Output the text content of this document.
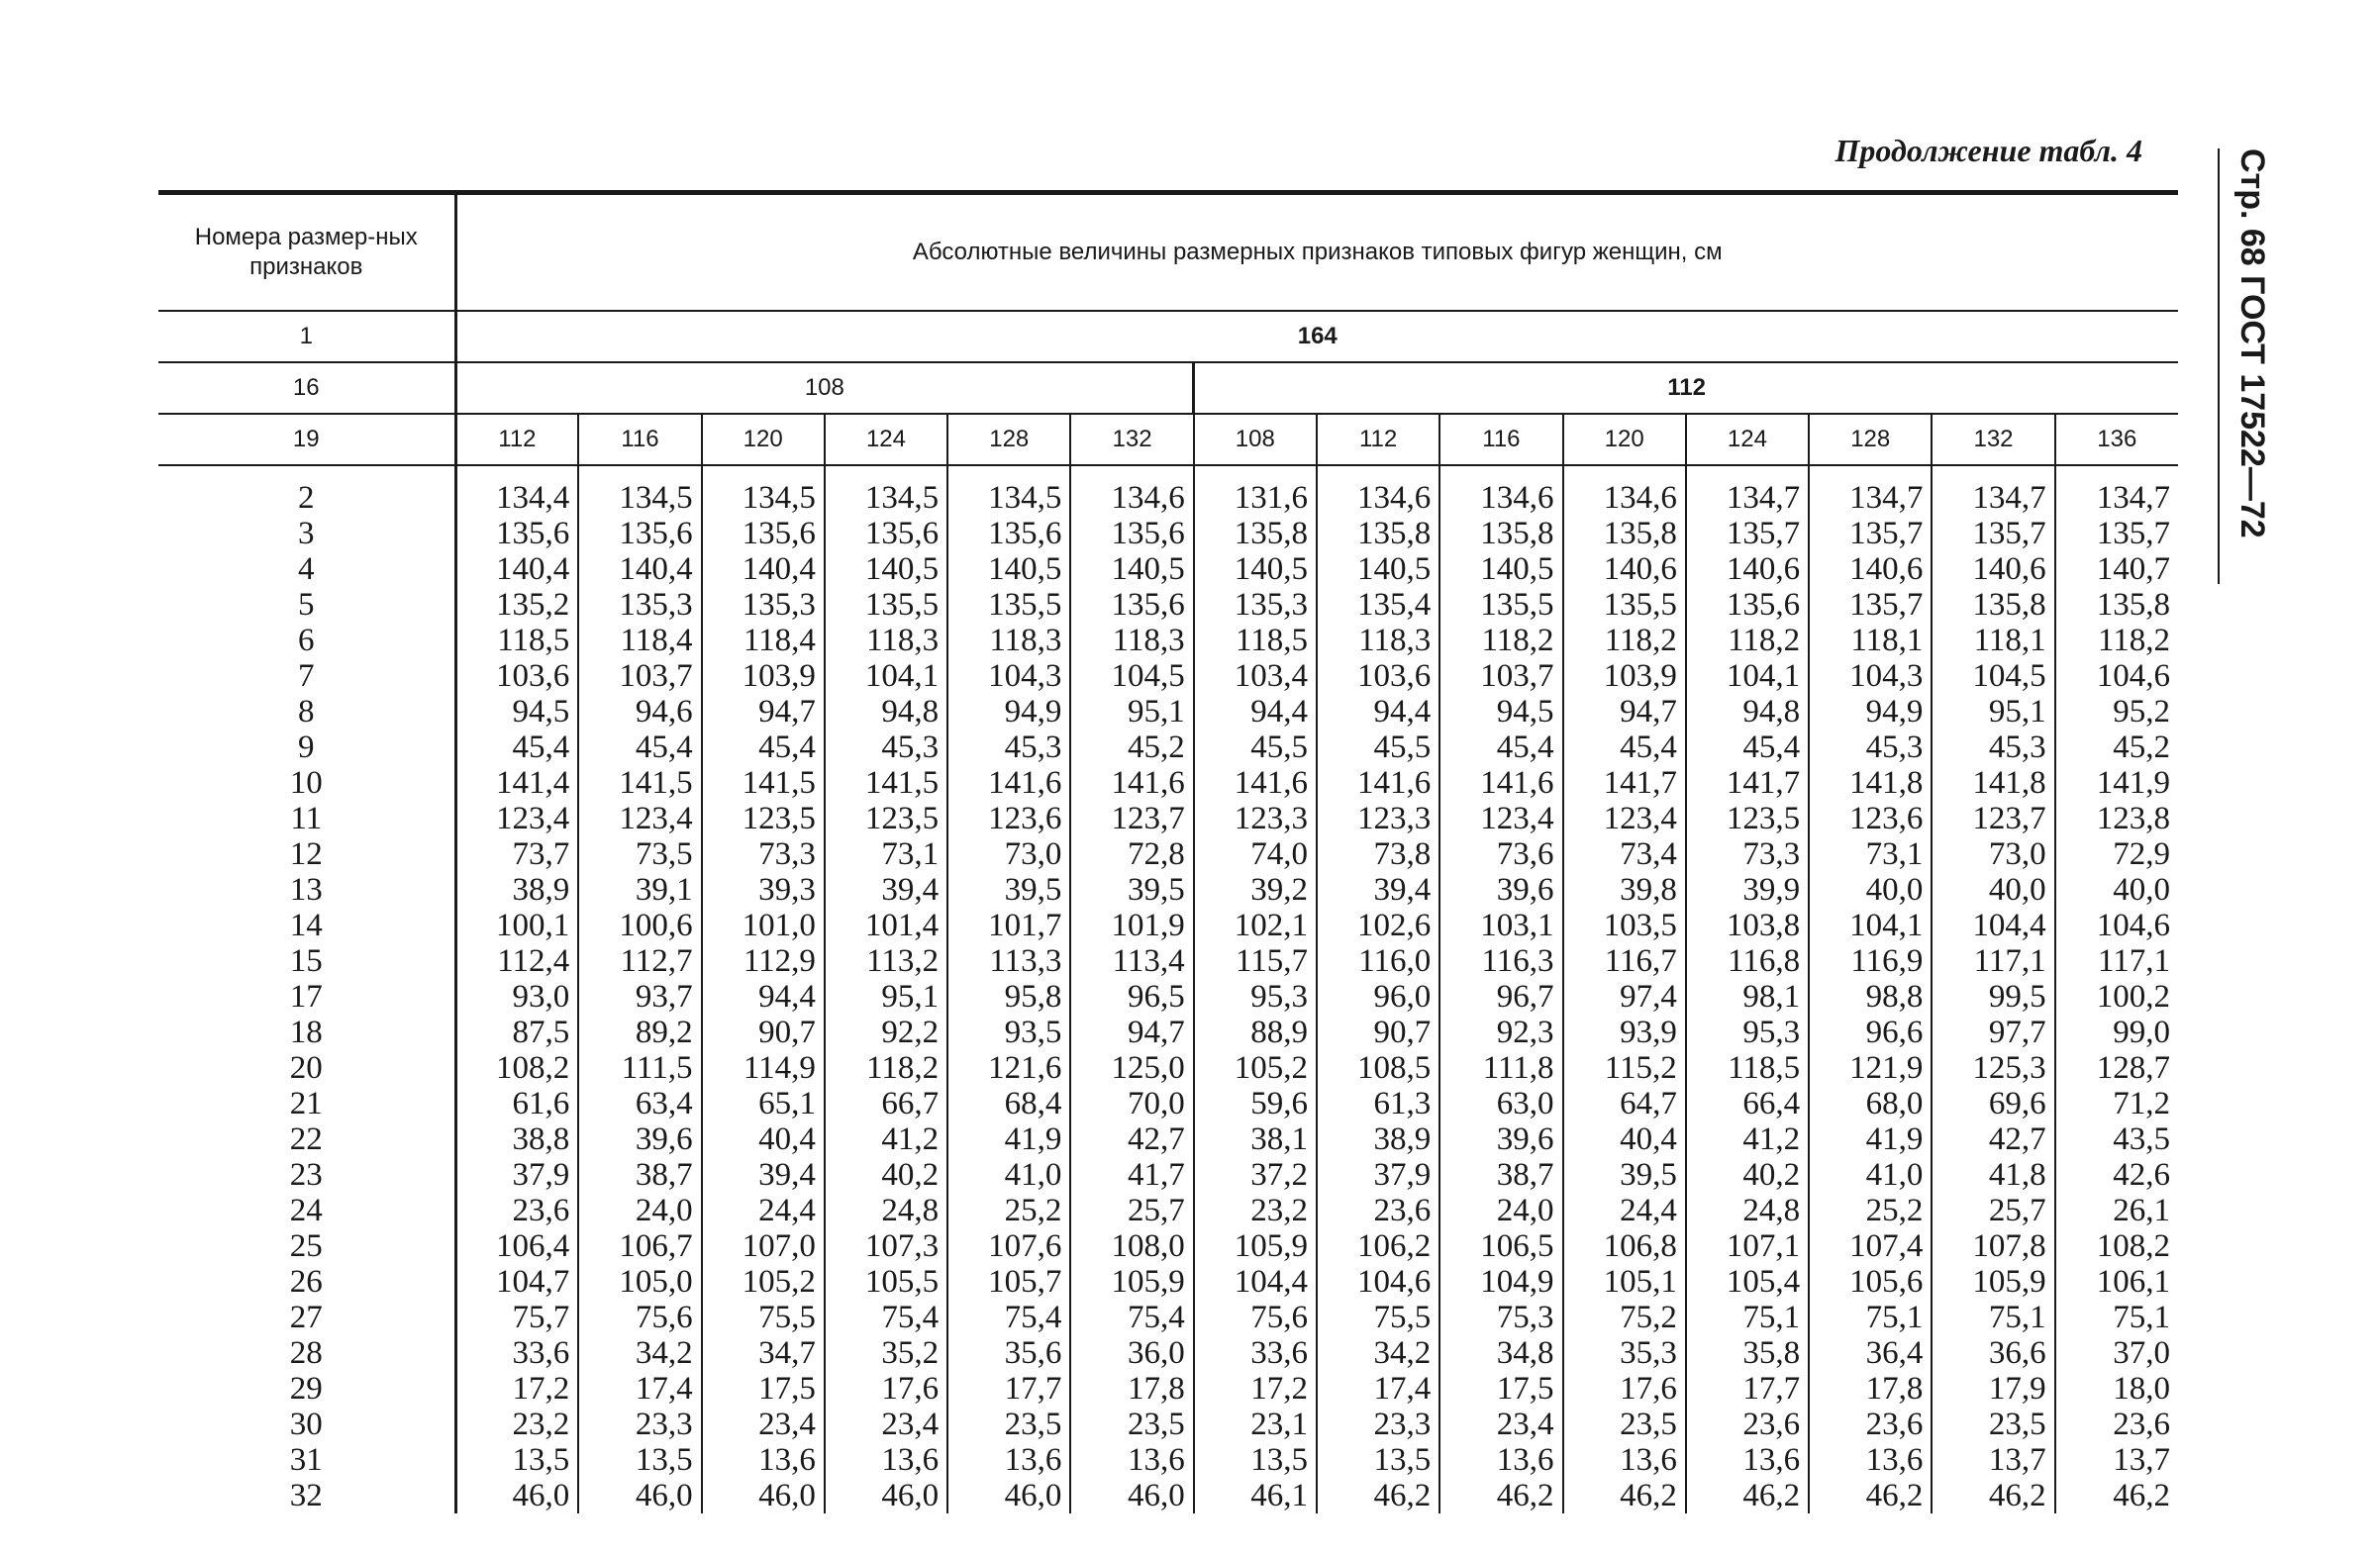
Продолжение табл. 4	Стр. 68 ГОСТ 17522—72
Номера размер-ных признаков	Абсолютные величины размерных признаков типовых фигур женщин, см													
1	164													
16	108						112							
19	112	116	120	124	128	132	108	112	116	120	124	128	132	136
2	134,4	134,5	134,5	134,5	134,5	134,6	131,6	134,6	134,6	134,6	134,7	134,7	134,7	134,7
3	135,6	135,6	135,6	135,6	135,6	135,6	135,8	135,8	135,8	135,8	135,7	135,7	135,7	135,7
4	140,4	140,4	140,4	140,5	140,5	140,5	140,5	140,5	140,5	140,6	140,6	140,6	140,6	140,7
5	135,2	135,3	135,3	135,5	135,5	135,6	135,3	135,4	135,5	135,5	135,6	135,7	135,8	135,8
6	118,5	118,4	118,4	118,3	118,3	118,3	118,5	118,3	118,2	118,2	118,2	118,1	118,1	118,2
7	103,6	103,7	103,9	104,1	104,3	104,5	103,4	103,6	103,7	103,9	104,1	104,3	104,5	104,6
8	94,5	94,6	94,7	94,8	94,9	95,1	94,4	94,4	94,5	94,7	94,8	94,9	95,1	95,2
9	45,4	45,4	45,4	45,3	45,3	45,2	45,5	45,5	45,4	45,4	45,4	45,3	45,3	45,2
10	141,4	141,5	141,5	141,5	141,6	141,6	141,6	141,6	141,6	141,7	141,7	141,8	141,8	141,9
11	123,4	123,4	123,5	123,5	123,6	123,7	123,3	123,3	123,4	123,4	123,5	123,6	123,7	123,8
12	73,7	73,5	73,3	73,1	73,0	72,8	74,0	73,8	73,6	73,4	73,3	73,1	73,0	72,9
13	38,9	39,1	39,3	39,4	39,5	39,5	39,2	39,4	39,6	39,8	39,9	40,0	40,0	40,0
14	100,1	100,6	101,0	101,4	101,7	101,9	102,1	102,6	103,1	103,5	103,8	104,1	104,4	104,6
15	112,4	112,7	112,9	113,2	113,3	113,4	115,7	116,0	116,3	116,7	116,8	116,9	117,1	117,1
17	93,0	93,7	94,4	95,1	95,8	96,5	95,3	96,0	96,7	97,4	98,1	98,8	99,5	100,2
18	87,5	89,2	90,7	92,2	93,5	94,7	88,9	90,7	92,3	93,9	95,3	96,6	97,7	99,0
20	108,2	111,5	114,9	118,2	121,6	125,0	105,2	108,5	111,8	115,2	118,5	121,9	125,3	128,7
21	61,6	63,4	65,1	66,7	68,4	70,0	59,6	61,3	63,0	64,7	66,4	68,0	69,6	71,2
22	38,8	39,6	40,4	41,2	41,9	42,7	38,1	38,9	39,6	40,4	41,2	41,9	42,7	43,5
23	37,9	38,7	39,4	40,2	41,0	41,7	37,2	37,9	38,7	39,5	40,2	41,0	41,8	42,6
24	23,6	24,0	24,4	24,8	25,2	25,7	23,2	23,6	24,0	24,4	24,8	25,2	25,7	26,1
25	106,4	106,7	107,0	107,3	107,6	108,0	105,9	106,2	106,5	106,8	107,1	107,4	107,8	108,2
26	104,7	105,0	105,2	105,5	105,7	105,9	104,4	104,6	104,9	105,1	105,4	105,6	105,9	106,1
27	75,7	75,6	75,5	75,4	75,4	75,4	75,6	75,5	75,3	75,2	75,1	75,1	75,1	75,1
28	33,6	34,2	34,7	35,2	35,6	36,0	33,6	34,2	34,8	35,3	35,8	36,4	36,6	37,0
29	17,2	17,4	17,5	17,6	17,7	17,8	17,2	17,4	17,5	17,6	17,7	17,8	17,9	18,0
30	23,2	23,3	23,4	23,4	23,5	23,5	23,1	23,3	23,4	23,5	23,6	23,6	23,5	23,6
31	13,5	13,5	13,6	13,6	13,6	13,6	13,5	13,5	13,6	13,6	13,6	13,6	13,7	13,7
32	46,0	46,0	46,0	46,0	46,0	46,0	46,1	46,2	46,2	46,2	46,2	46,2	46,2	46,2
